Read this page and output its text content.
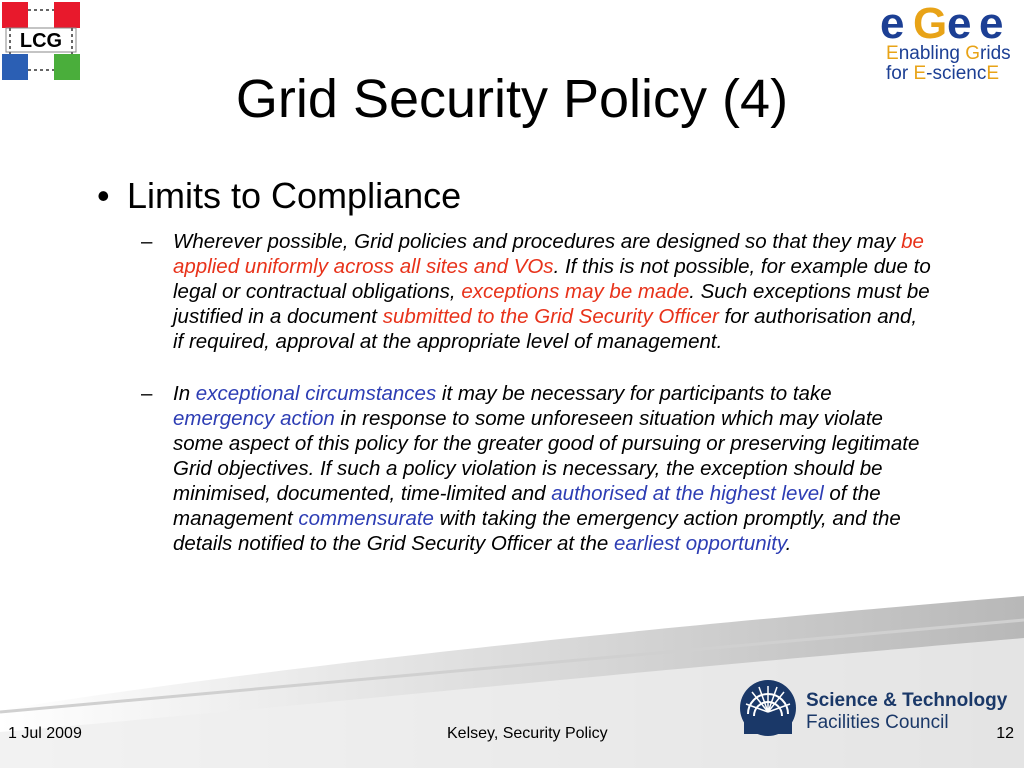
LCG	e G e e
Enabling Grids
for E-sciencE
Grid Security Policy (4)
• Limits to Compliance
– Wherever possible, Grid policies and procedures are designed so that they may be applied uniformly across all sites and VOs. If this is not possible, for example due to legal or contractual obligations, exceptions may be made. Such exceptions must be justified in a document submitted to the Grid Security Officer for authorisation and, if required, approval at the appropriate level of management.
– In exceptional circumstances it may be necessary for participants to take emergency action in response to some unforeseen situation which may violate some aspect of this policy for the greater good of pursuing or preserving legitimate Grid objectives. If such a policy violation is necessary, the exception should be minimised, documented, time-limited and authorised at the highest level of the management commensurate with taking the emergency action promptly, and the details notified to the Grid Security Officer at the earliest opportunity.
Science & Technology
Facilities Council
1 Jul 2009	Kelsey, Security Policy	12
